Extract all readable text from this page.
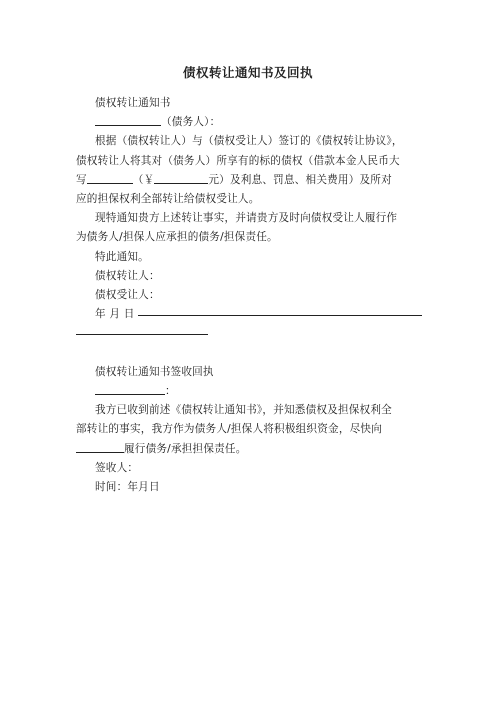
债权转让通知书及回执

债权转让通知书

（债务人）：

根据（债权转让人）与（债权受让人）签订的《债权转让协议》，

债权转让人将其对（债务人）所享有的标的债权（借款本金人民币大

写	（￥	元）及利息、罚息、相关费用）及所对

应的担保权利全部转让给债权受让人。

现特通知贵方上述转让事实，并请贵方及时向债权受让人履行作

为债务人/担保人应承担的债务/担保责任。

特此通知。

债权转让人：

债权受让人：

年 月 日

债权转让通知书签收回执

：

我方已收到前述《债权转让通知书》，并知悉债权及担保权利全

部转让的事实，我方作为债务人/担保人将积极组织资金，尽快向

履行债务/承担担保责任。

签收人：

时间：年月日
